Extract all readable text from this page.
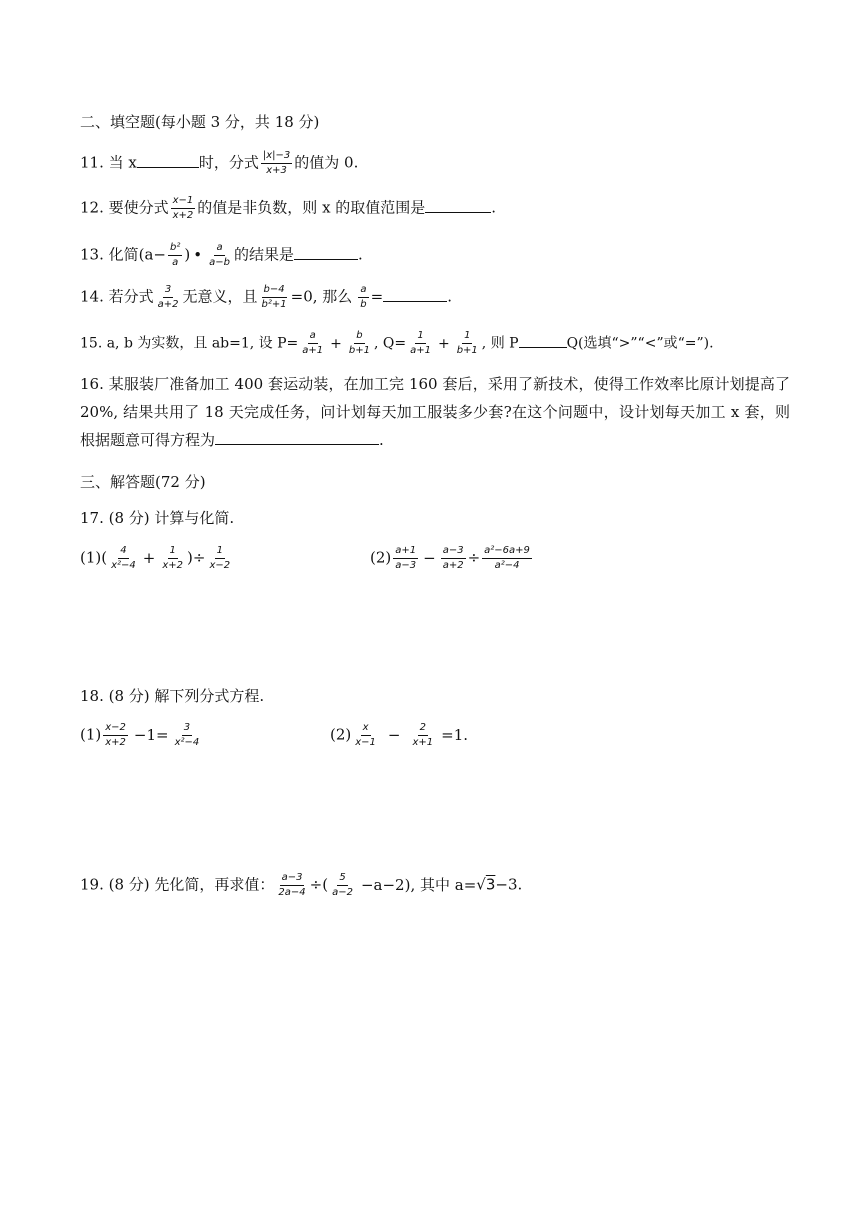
二、填空题(每小题 3 分，共 18 分)
11. 当 x	时，分式 $\frac{|x|-3}{x+3}$ 的值为 0.
12. 要使分式 $\frac{x-1}{x+2}$ 的值是非负数，则 x 的取值范围是	.
13. 化简($a- \frac{\text{b²}}{a}$ ) • $\frac{a}{a-b}$ 的结果是	.
14. 若分式 $\frac{3}{a+2}$ 无意义，且 $\frac{b-4}{\text{b²+1}} =0$, 那么 $\frac{a}{b}$ =	.
15. a, b 为实数，且 ab=1, 设 $P= \frac{a}{a+1} + \frac{b}{b+1}$ , $Q= \frac{1}{a+1} + \frac{1}{b+1}$ , 则 P	Q(选填“>”“<”或“=”).
16. 某服装厂准备加工 400 套运动装，在加工完 160 套后，采用了新技术，使得工作效率比原计划提高了 20%, 结果共用了 18 天完成任务，问计划每天加工服装多少套?在这个问题中，设计划每天加工 x 套，则根据题意可得方程为	.
三、解答题(72 分)
17. (8 分) 计算与化简.
$(1)( \frac{4}{\text{x²−4}} + \frac{1}{x+2}$ )÷ $\frac{1}{x-2}$	$(2) \frac{a+1}{a-3} - \frac{a-3}{a+2} \div \frac{\text{a²−6a+9}}{\text{a²−4}}$
18. (8 分) 解下列分式方程.
$(1) \frac{x-2}{x+2} -1= \frac{3}{\text{x²−4}}$	$(2) \frac{x}{x-1} - \frac{2}{x+1} =1$.
19. (8 分) 先化简，再求值： $\frac{a-3}{2a-4}$ ÷( $\frac{5}{a-2} -a-2$), 其中 a=√3−3.
